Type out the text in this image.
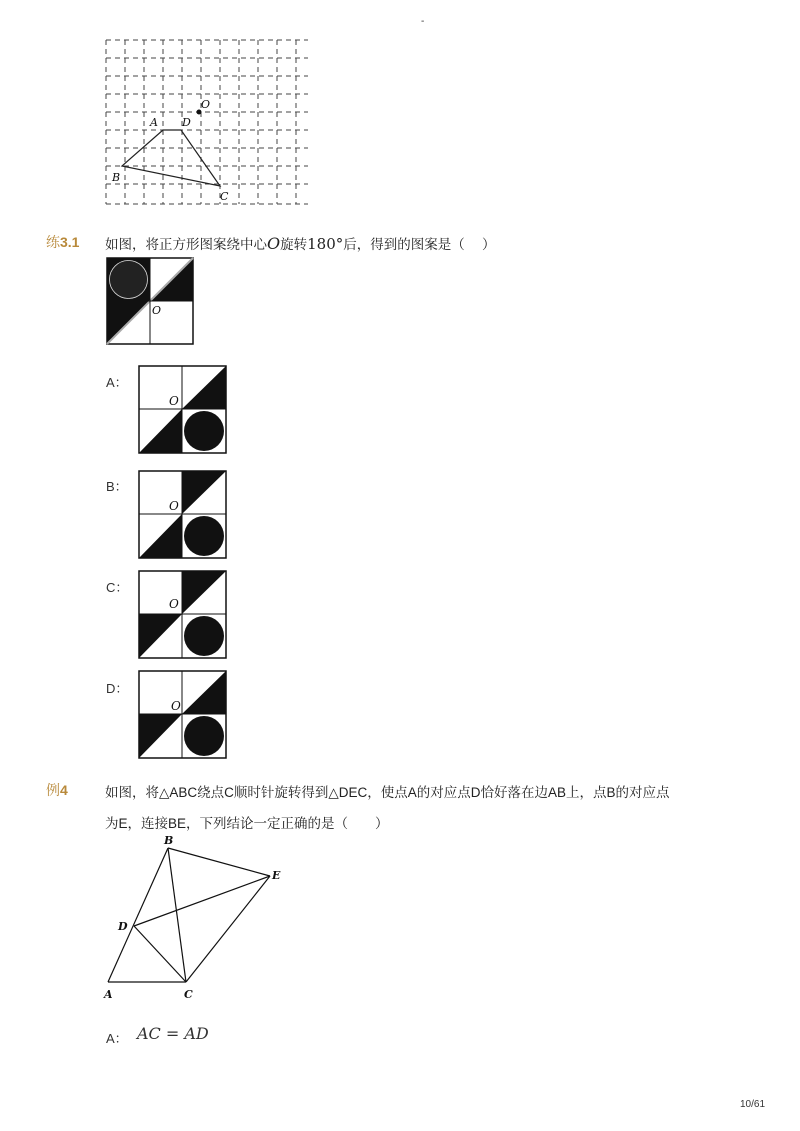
-
O
A D
B
C
练3.1 如图，将正方形图案绕中心O旋转180°后，得到的图案是（　 ）
O
A：
O
B：
O
C：
O
D：
O
例4	如图，将△ABC绕点C顺时针旋转得到△DEC，使点A的对应点D恰好落在边AB上，点B的对应点
为E，连接BE，下列结论一定正确的是（　　）
B
E
D
A	C
A： AC = AD
10/61
